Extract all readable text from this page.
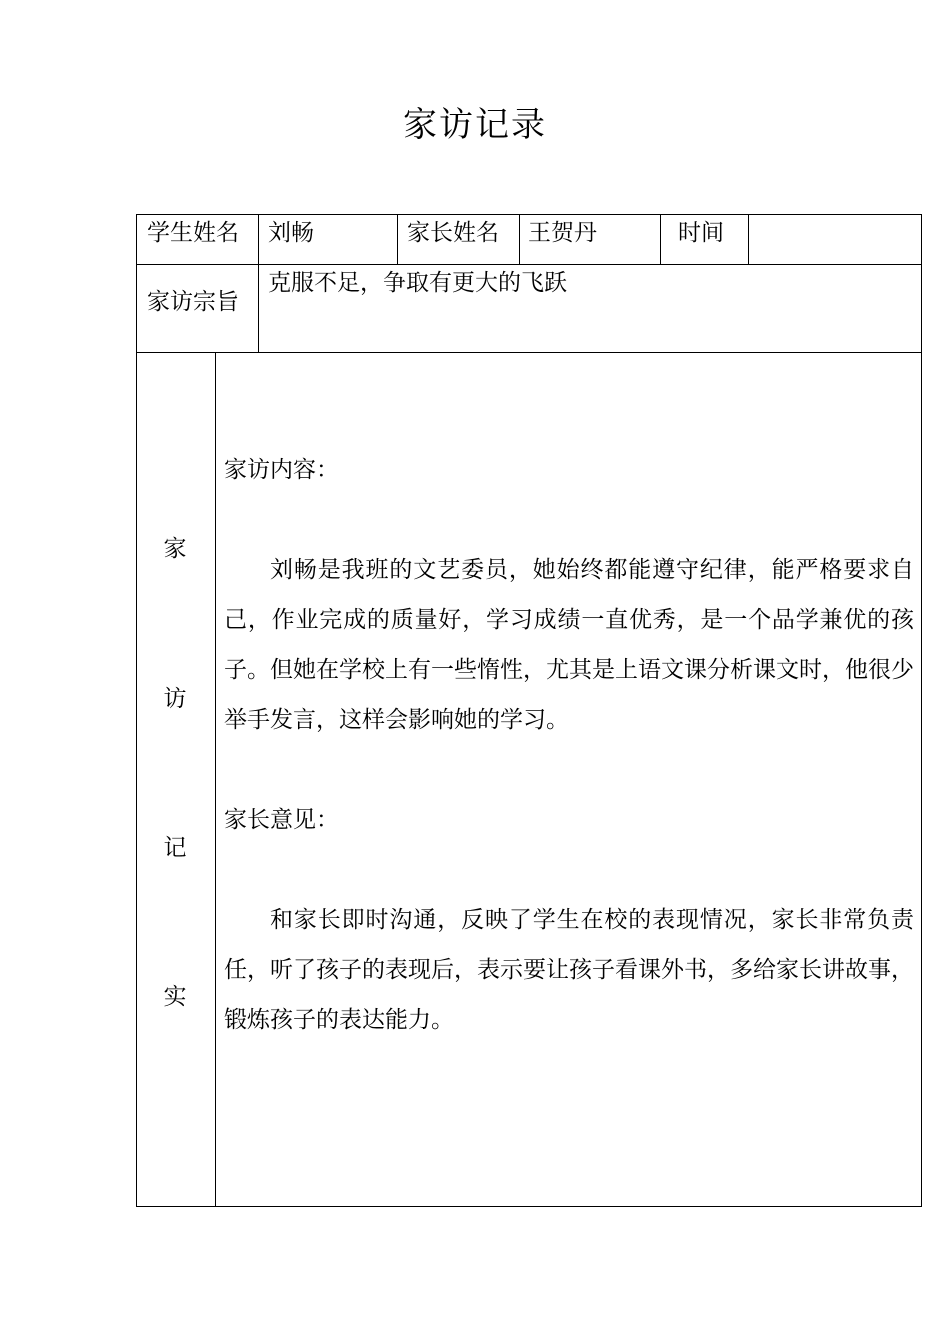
家访记录
学生姓名 刘畅	家长姓名 王贺丹	时间
家访宗旨
克服不足，争取有更大的飞跃
家
访
记
实

家访内容：

刘畅是我班的文艺委员，她始终都能遵守纪律，能严格要求自己，作业完成的质量好，学习成绩一直优秀，是一个品学兼优的孩子。但她在学校上有一些惰性，尤其是上语文课分析课文时，他很少举手发言，这样会影响她的学习。

家长意见：

和家长即时沟通，反映了学生在校的表现情况，家长非常负责任，听了孩子的表现后，表示要让孩子看课外书，多给家长讲故事，锻炼孩子的表达能力。
